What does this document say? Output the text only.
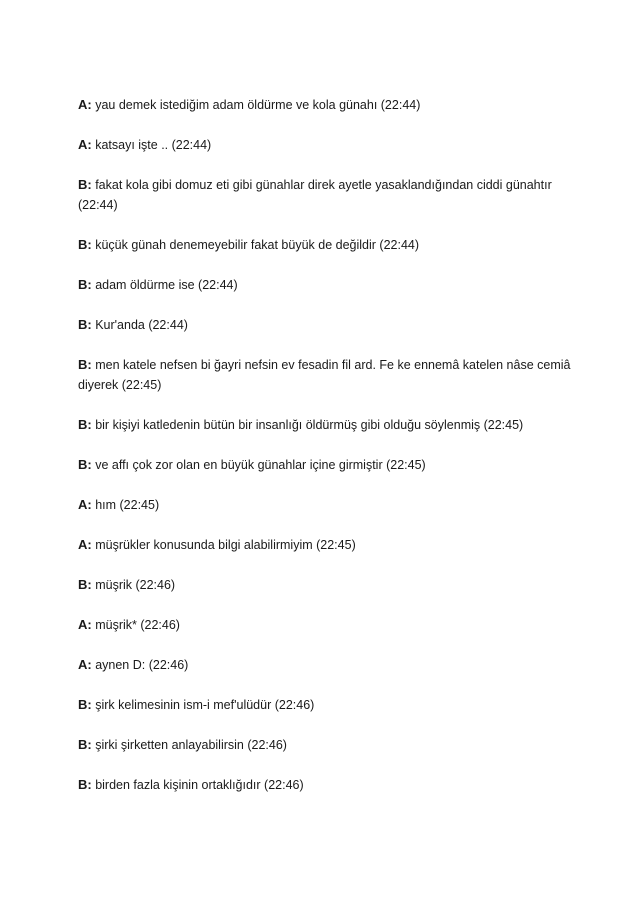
A: yau demek istediğim adam öldürme ve kola günahı (22:44)

A: katsayı işte .. (22:44)

B: fakat kola gibi domuz eti gibi günahlar direk ayetle yasaklandığından ciddi günahtır (22:44)

B: küçük günah denemeyebilir fakat büyük de değildir (22:44)

B: adam öldürme ise (22:44)

B: Kur'anda (22:44)

B: men katele nefsen bi ğayri nefsin ev fesadin fil ard. Fe ke ennemâ katelen nâse cemiâ diyerek (22:45)

B: bir kişiyi katledenin bütün bir insanlığı öldürmüş gibi olduğu söylenmiş (22:45)

B: ve affı çok zor olan en büyük günahlar içine girmiştir (22:45)

A: hım (22:45)

A: müşrükler konusunda bilgi alabilirmiyim (22:45)

B: müşrik (22:46)

A: müşrik* (22:46)

A: aynen D: (22:46)

B: şirk kelimesinin ism-i mef'ulüdür (22:46)

B: şirki şirketten anlayabilirsin (22:46)

B: birden fazla kişinin ortaklığıdır (22:46)
